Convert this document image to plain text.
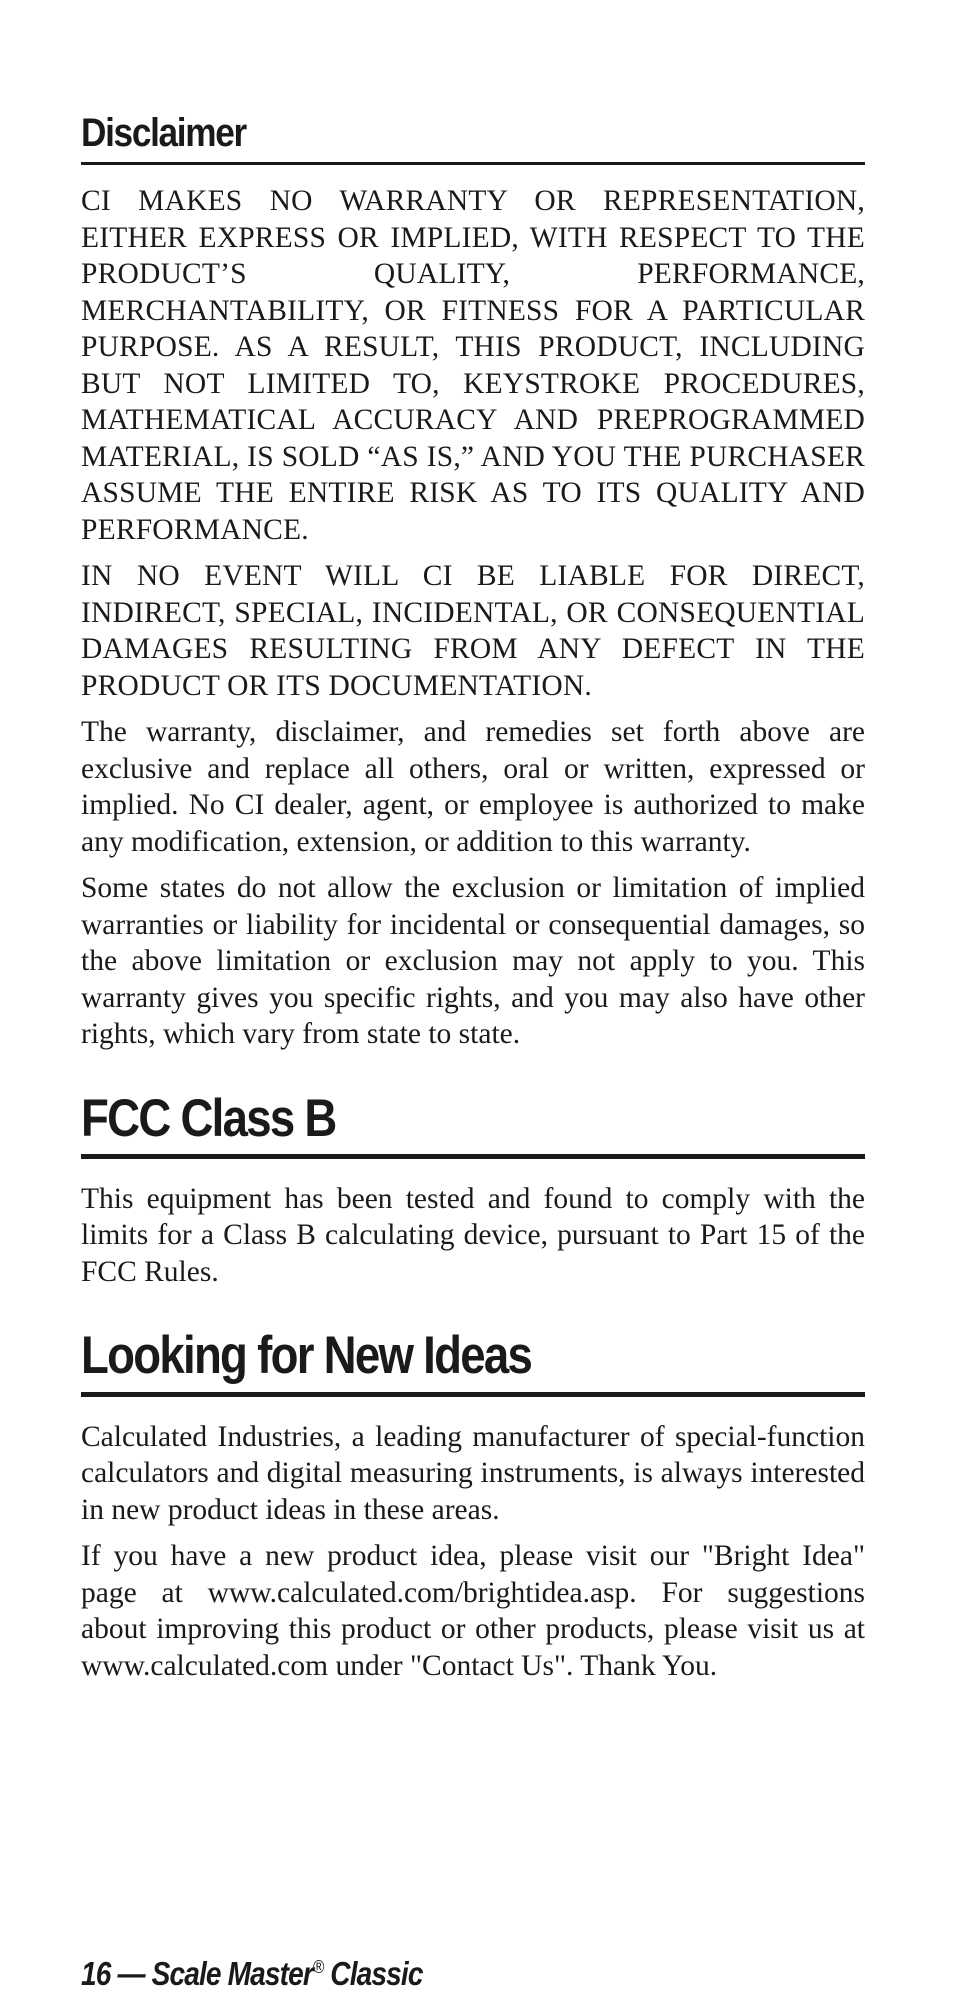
Disclaimer

CI MAKES NO WARRANTY OR REPRESENTATION, EITHER EXPRESS OR IMPLIED, WITH RESPECT TO THE PRODUCT’S QUALITY, PERFORMANCE, MERCHANTABILITY, OR FITNESS FOR A PARTICULAR PURPOSE. AS A RESULT, THIS PRODUCT, INCLUDING BUT NOT LIMITED TO, KEYSTROKE PROCEDURES, MATHEMATICAL ACCURACY AND PREPROGRAMMED MATERIAL, IS SOLD “AS IS,” AND YOU THE PURCHASER ASSUME THE ENTIRE RISK AS TO ITS QUALITY AND PERFORMANCE.

IN NO EVENT WILL CI BE LIABLE FOR DIRECT, INDIRECT, SPECIAL, INCIDENTAL, OR CONSEQUENTIAL DAMAGES RESULTING FROM ANY DEFECT IN THE PRODUCT OR ITS DOCUMENTATION.

The warranty, disclaimer, and remedies set forth above are exclusive and replace all others, oral or written, expressed or implied. No CI dealer, agent, or employee is authorized to make any modification, extension, or addition to this warranty.

Some states do not allow the exclusion or limitation of implied warranties or liability for incidental or consequential damages, so the above limitation or exclusion may not apply to you. This warranty gives you specific rights, and you may also have other rights, which vary from state to state.

FCC Class B

This equipment has been tested and found to comply with the limits for a Class B calculating device, pursuant to Part 15 of the FCC Rules.

Looking for New Ideas

Calculated Industries, a leading manufacturer of special-function calculators and digital measuring instruments, is always interested in new product ideas in these areas.

If you have a new product idea, please visit our "Bright Idea" page at www.calculated.com/brightidea.asp. For suggestions about improving this product or other products, please visit us at www.calculated.com under "Contact Us". Thank You.

16 — Scale Master® Classic
